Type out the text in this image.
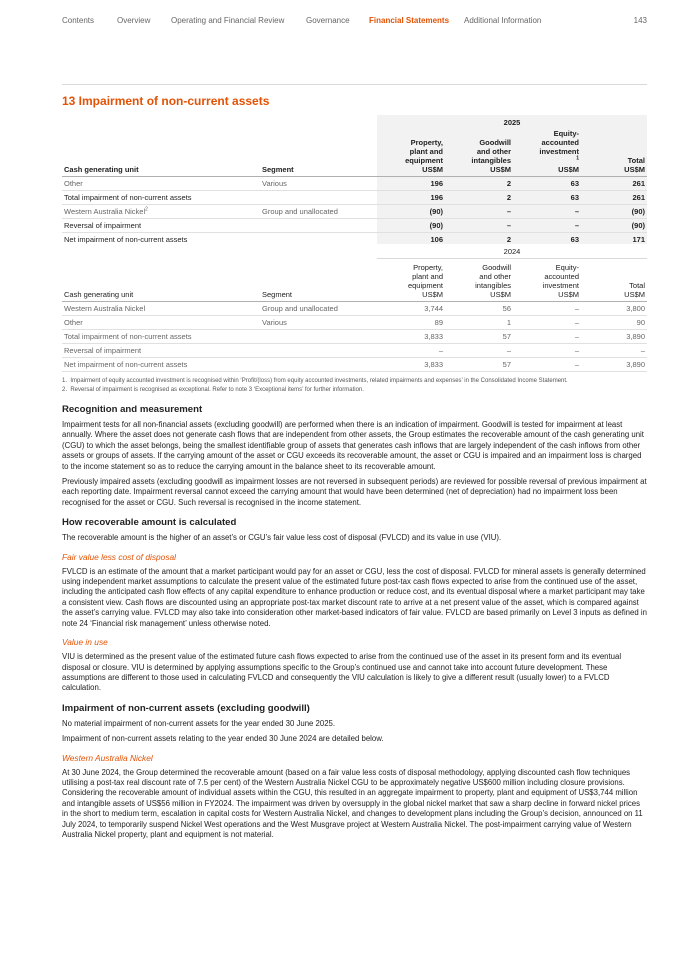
Contents	Overview	Operating and Financial Review	Governance Financial Statements Additional Information	143
13 Impairment of non-current assets
		2025			
Cash generating unit	Segment	Property,
plant and
equipment
US$M	Goodwill
and other
intangibles
US$M	Equity-
accounted
investment
$^1$
US$M	Total
US$M

Other	Various	196	2	63	261
Total impairment of non-current assets		196	2	63	261
Western Australia Nickel$^2$	Group and unallocated	(90)	–	–	(90)
Reversal of impairment		(90)	–	–	(90)
Net impairment of non-current assets		106	2	63	171
		2024			
Cash generating unit	Segment	Property,
plant and
equipment
US$M	Goodwill
and other
intangibles
US$M	Equity-
accounted
investment
US$M	Total
US$M

Western Australia Nickel	Group and unallocated	3,744	56	–	3,800
Other	Various	89	1	–	90
Total impairment of non-current assets		3,833	57	–	3,890
Reversal of impairment		–	–	–	–
Net impairment of non-current assets		3,833	57	–	3,890
1.  Impairment of equity accounted investment is recognised within ‘Profit/(loss) from equity accounted investments, related impairments and expenses’ in the Consolidated Income Statement.
2.  Reversal of impairment is recognised as exceptional. Refer to note 3 ‘Exceptional items’ for further information.
Recognition and measurement

Impairment tests for all non-financial assets (excluding goodwill) are performed when there is an indication of impairment. Goodwill is tested for impairment at least annually. Where the asset does not generate cash flows that are independent from other assets, the Group estimates the recoverable amount of the cash generating unit (CGU) to which the asset belongs, being the smallest identifiable group of assets that generates cash inflows that are largely independent of the cash inflows from other assets or groups of assets. If the carrying amount of the asset or CGU exceeds its recoverable amount, the asset or CGU is impaired and an impairment loss is charged to the income statement so as to reduce the carrying amount in the balance sheet to its recoverable amount.

Previously impaired assets (excluding goodwill as impairment losses are not reversed in subsequent periods) are reviewed for possible reversal of previous impairment at each reporting date. Impairment reversal cannot exceed the carrying amount that would have been determined (net of depreciation) had no impairment loss been recognised for the asset or CGU. Such reversal is recognised in the income statement.

How recoverable amount is calculated

The recoverable amount is the higher of an asset’s or CGU’s fair value less cost of disposal (FVLCD) and its value in use (VIU).

Fair value less cost of disposal

FVLCD is an estimate of the amount that a market participant would pay for an asset or CGU, less the cost of disposal. FVLCD for mineral assets is generally determined using independent market assumptions to calculate the present value of the estimated future post-tax cash flows expected to arise from the continued use of the asset, including the anticipated cash flow effects of any capital expenditure to enhance production or reduce cost, and its eventual disposal where a market participant may take a consistent view. Cash flows are discounted using an appropriate post-tax market discount rate to arrive at a net present value of the asset, which is compared against the asset’s carrying value. FVLCD may also take into consideration other market-based indicators of fair value. FVLCD are based primarily on Level 3 inputs as defined in note 24 ‘Financial risk management’ unless otherwise noted.

Value in use

VIU is determined as the present value of the estimated future cash flows expected to arise from the continued use of the asset in its present form and its eventual disposal or closure. VIU is determined by applying assumptions specific to the Group’s continued use and cannot take into account future development. These assumptions are different to those used in calculating FVLCD and consequently the VIU calculation is likely to give a different result (usually lower) to a FVLCD calculation.

Impairment of non-current assets (excluding goodwill)

No material impairment of non-current assets for the year ended 30 June 2025.

Impairment of non-current assets relating to the year ended 30 June 2024 are detailed below.

Western Australia Nickel

At 30 June 2024, the Group determined the recoverable amount (based on a fair value less costs of disposal methodology, applying discounted cash flow techniques utilising a post-tax real discount rate of 7.5 per cent) of the Western Australia Nickel CGU to be approximately negative US$600 million including closure provisions. Considering the recoverable amount of individual assets within the CGU, this resulted in an aggregate impairment to property, plant and equipment of US$3,744 million and intangible assets of US$56 million in FY2024. The impairment was driven by oversupply in the global nickel market that saw a sharp decline in forward nickel prices in the short to medium term, escalation in capital costs for Western Australia Nickel, and changes to development plans including the Group’s decision, announced on 11 July 2024, to temporarily suspend Nickel West operations and the West Musgrave project at Western Australia Nickel. The post-impairment carrying value of Western Australia Nickel property, plant and equipment is not material.
